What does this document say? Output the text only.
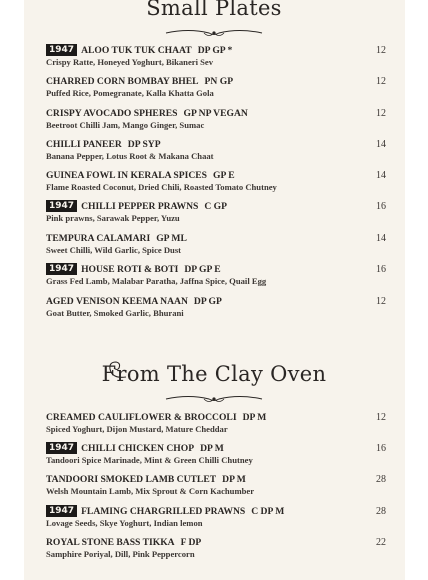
Small Plates
1947 ALOO TUK TUK CHAAT DP GP *	12
Crispy Ratte, Honeyed Yoghurt, Bikaneri Sev
CHARRED CORN BOMBAY BHEL PN GP	12
Puffed Rice, Pomegranate, Kalla Khatta Gola
CRISPY AVOCADO SPHERES GP NP VEGAN	12
Beetroot Chilli Jam, Mango Ginger, Sumac
CHILLI PANEER DP SYP	14
Banana Pepper, Lotus Root & Makana Chaat
GUINEA FOWL IN KERALA SPICES GP E	14
Flame Roasted Coconut, Dried Chili, Roasted Tomato Chutney
1947 CHILLI PEPPER PRAWNS C GP	16
Pink prawns, Sarawak Pepper, Yuzu
TEMPURA CALAMARI GP ML	14
Sweet Chilli, Wild Garlic, Spice Dust
1947 HOUSE ROTI & BOTI DP GP E	16
Grass Fed Lamb, Malabar Paratha, Jaffna Spice, Quail Egg
AGED VENISON KEEMA NAAN DP GP	12
Goat Butter, Smoked Garlic, Bhurani
From The Clay Oven
CREAMED CAULIFLOWER & BROCCOLI DP M	12
Spiced Yoghurt, Dijon Mustard, Mature Cheddar
1947 CHILLI CHICKEN CHOP DP M	16
Tandoori Spice Marinade, Mint & Green Chilli Chutney
TANDOORI SMOKED LAMB CUTLET DP M	28
Welsh Mountain Lamb, Mix Sprout & Corn Kachumber
1947 FLAMING CHARGRILLED PRAWNS C DP M	28
Lovage Seeds, Skye Yoghurt, Indian lemon
ROYAL STONE BASS TIKKA F DP	22
Samphire Poriyal, Dill, Pink Peppercorn
